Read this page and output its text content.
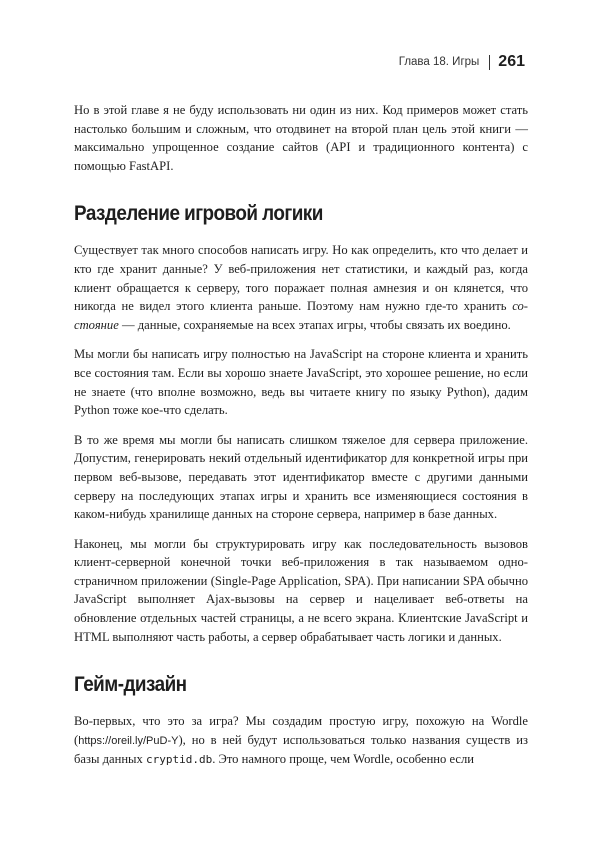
Глава 18. Игры	261

Но в этой главе я не буду использовать ни один из них. Код примеров может стать настолько большим и сложным, что отодвинет на второй план цель этой книги — максимально упрощенное создание сайтов (API и традиционного контента) с помощью FastAPI.

Разделение игровой логики

Существует так много способов написать игру. Но как определить, кто что делает и кто где хранит данные? У веб-приложения нет статистики, и каждый раз, когда клиент обращается к серверу, того поражает полная амнезия и он клянется, что никогда не видел этого клиента раньше. Поэтому нам нужно где-то хранить состояние — данные, сохраняемые на всех этапах игры, чтобы связать их воедино.

Мы могли бы написать игру полностью на JavaScript на стороне клиента и хранить все состояния там. Если вы хорошо знаете JavaScript, это хорошее решение, но если не знаете (что вполне возможно, ведь вы читаете книгу по языку Python), дадим Python тоже кое-что сделать.

В то же время мы могли бы написать слишком тяжелое для сервера приложение. Допустим, генерировать некий отдельный идентификатор для конкретной игры при первом веб-вызове, передавать этот идентификатор вместе с другими данными серверу на последующих этапах игры и хранить все изменяющиеся состояния в каком-нибудь хранилище данных на стороне сервера, например в базе данных.

Наконец, мы могли бы структурировать игру как последовательность вызовов клиент-серверной конечной точки веб-приложения в так называемом одностраничном приложении (Single-Page Application, SPA). При написании SPA обычно JavaScript выполняет Ajax-вызовы на сервер и нацеливает веб-ответы на обновление отдельных частей страницы, а не всего экрана. Клиентские JavaScript и HTML выполняют часть работы, а сервер обрабатывает часть логики и данных.

Гейм-дизайн

Во-первых, что это за игра? Мы создадим простую игру, похожую на Wordle (https://oreil.ly/PuD-Y), но в ней будут использоваться только названия существ из базы данных cryptid.db. Это намного проще, чем Wordle, особенно если
